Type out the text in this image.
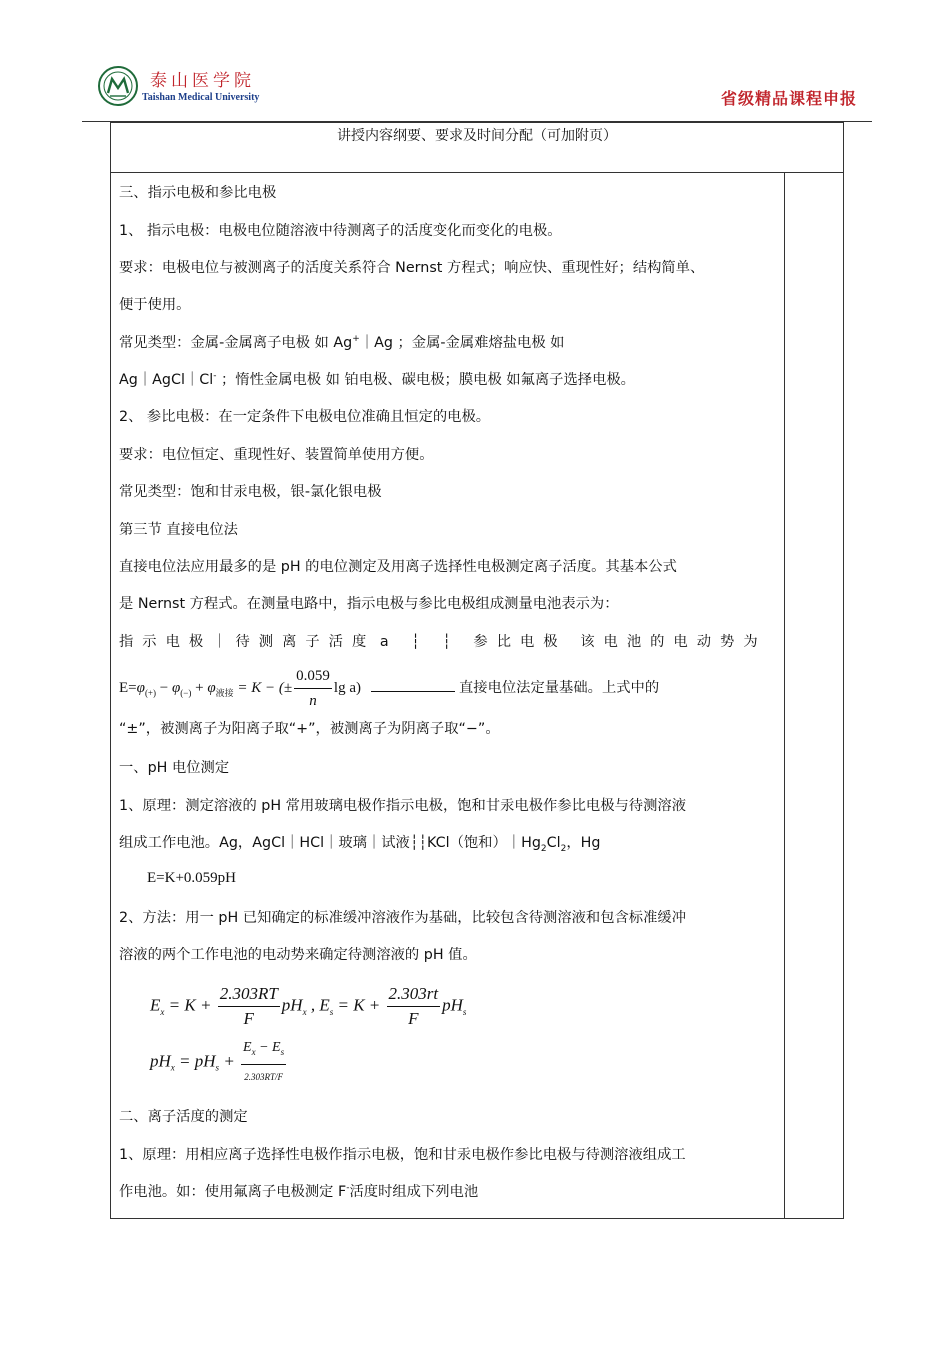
泰山医学院
Taishan Medical University	省级精品课程申报
讲授内容纲要、要求及时间分配（可加附页）
三、指示电极和参比电极
1、 指示电极：电极电位随溶液中待测离子的活度变化而变化的电极。
要求：电极电位与被测离子的活度关系符合 Nernst 方程式；响应快、重现性好；结构简单、
便于使用。
常见类型：金属-金属离子电极 如 Ag+｜Ag ；金属-金属难熔盐电极 如
Ag｜AgCl｜Cl- ；惰性金属电极 如 铂电极、碳电极；膜电极 如氟离子选择电极。
2、 参比电极：在一定条件下电极电位准确且恒定的电极。
要求：电位恒定、重现性好、装置简单使用方便。
常见类型：饱和甘汞电极，银-氯化银电极
第三节 直接电位法
直接电位法应用最多的是 pH 的电位测定及用离子选择性电极测定离子活度。其基本公式
是 Nernst 方程式。在测量电路中，指示电极与参比电极组成测量电池表示为：
指示电极｜待测离子活度 a ┆ ┆ 参比电极 该电池的电动势为
$E=\varphi_{(+)} - \varphi_{(-)} + \varphi_{液接} = K$ − (± $\frac{0.059}{n}$ lg a)	直接电位法定量基础。上式中的
“±”，被测离子为阳离子取“+”，被测离子为阴离子取“−”。
一、pH 电位测定
1、原理：测定溶液的 pH 常用玻璃电极作指示电极，饱和甘汞电极作参比电极与待测溶液
组成工作电池。Ag，AgCl｜HCl｜玻璃｜试液┆┆KCl（饱和）$|Hg_2Cl_2$，Hg
E=K+0.059pH
2、方法：用一 pH 已知确定的标准缓冲溶液作为基础，比较包含待测溶液和包含标准缓冲
溶液的两个工作电池的电动势来确定待测溶液的 pH 值。
$E_x = K + \frac{2.303RT}{F} pH_x$ , $E_s = K + \frac{2.303rt}{F} pH_s$
$pH_x = pH_s + \frac{E_x - E_s}{2.303RT/F}$
二、离子活度的测定
1、原理：用相应离子选择性电极作指示电极，饱和甘汞电极作参比电极与待测溶液组成工
作电池。如：使用氟离子电极测定 F-活度时组成下列电池
